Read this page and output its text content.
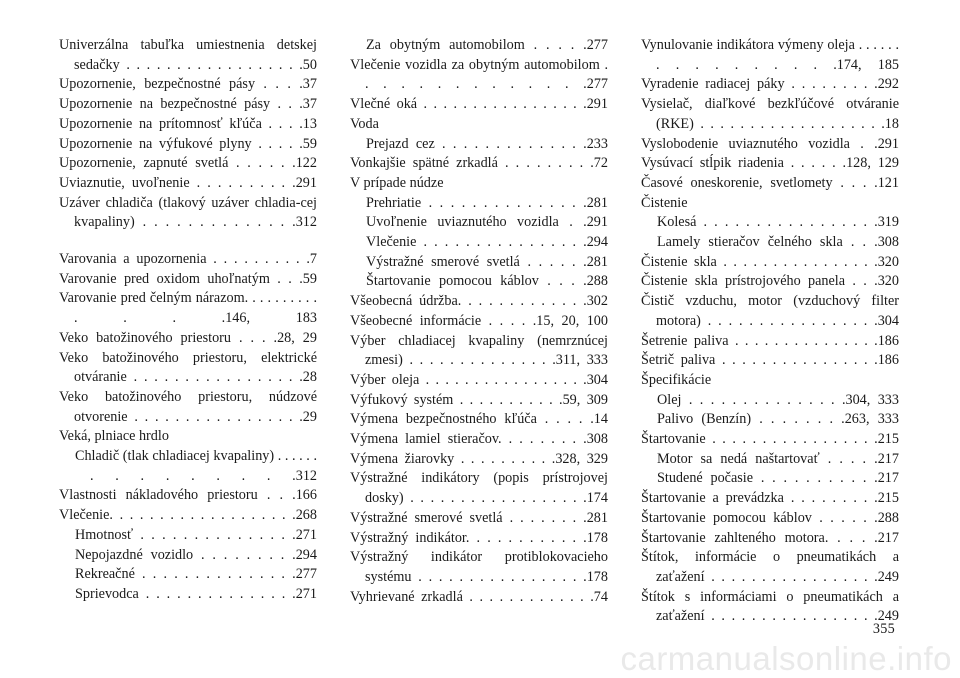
Univerzálna tabuľka umiestnenia detskej sedačky . . . . . . . . . . . . . . . . . .50
Upozornenie, bezpečnostné pásy . . . .37
Upozornenie na bezpečnostné pásy . . .37
Upozornenie na prítomnosť kľúča . . . .13
Upozornenie na výfukové plyny . . . . .59
Upozornenie, zapnuté svetlá . . . . . .122
Uviaznutie, uvoľnenie . . . . . . . . . .291
Uzáver chladiča (tlakový uzáver chladia-cej kvapaliny) . . . . . . . . . . . . . .312
Varovania a upozornenia . . . . . . . . . .7
Varovanie pred oxidom uhoľnatým . . .59
Varovanie pred čelným nárazom. . . . . . . . . . . . . .146, 183
Veko batožinového priestoru . . . .28, 29
Veko batožinového priestoru, elektrické otváranie . . . . . . . . . . . . . . . . .28
Veko batožinového priestoru, núdzové otvorenie . . . . . . . . . . . . . . . . .29
Veká, plniace hrdlo
Chladič (tlak chladiacej kvapaliny) . . . . . . . . . . . . . . .312
Vlastnosti nákladového priestoru . . .166
Vlečenie. . . . . . . . . . . . . . . . . . .268
Hmotnosť . . . . . . . . . . . . . . .271
Nepojazdné vozidlo . . . . . . . . .294
Rekreačné . . . . . . . . . . . . . . .277
Sprievodca . . . . . . . . . . . . . . .271
Za obytným automobilom . . . . .277
Vlečenie vozidla za obytným automobilom . . . . . . . . . . . . . .277
Vlečné oká . . . . . . . . . . . . . . . . .291
Voda
Prejazd cez . . . . . . . . . . . . . .233
Vonkajšie spätné zrkadlá . . . . . . . . .72
V prípade núdze
Prehriatie . . . . . . . . . . . . . . .281
Uvoľnenie uviaznutého vozidla . .291
Vlečenie . . . . . . . . . . . . . . . .294
Výstražné smerové svetlá . . . . . .281
Štartovanie pomocou káblov . . . .288
Všeobecná údržba. . . . . . . . . . . . .302
Všeobecné informácie . . . . .15, 20, 100
Výber chladiacej kvapaliny (nemrznúcej zmesi) . . . . . . . . . . . . . . .311, 333
Výber oleja . . . . . . . . . . . . . . . . .304
Výfukový systém . . . . . . . . . . .59, 309
Výmena bezpečnostného kľúča . . . . .14
Výmena lamiel stieračov. . . . . . . . .308
Výmena žiarovky . . . . . . . . . .328, 329
Výstražné indikátory (popis prístrojovej dosky) . . . . . . . . . . . . . . . . . .174
Výstražné smerové svetlá . . . . . . . .281
Výstražný indikátor. . . . . . . . . . . .178
Výstražný indikátor protiblokovacieho systému . . . . . . . . . . . . . . . . .178
Vyhrievané zrkadlá . . . . . . . . . . . . .74
Vynulovanie indikátora výmeny oleja . . . . . . . . . . . . . . . .174, 185
Vyradenie radiacej páky . . . . . . . . .292
Vysielač, diaľkové bezkľúčové otváranie (RKE) . . . . . . . . . . . . . . . . . . .18
Vyslobodenie uviaznutého vozidla . .291
Vysúvací stĺpik riadenia . . . . . .128, 129
Časové oneskorenie, svetlomety . . . .121
Čistenie
Kolesá . . . . . . . . . . . . . . . . .319
Lamely stieračov čelného skla . . .308
Čistenie skla . . . . . . . . . . . . . . . .320
Čistenie skla prístrojového panela . . .320
Čistič vzduchu, motor (vzduchový filter motora) . . . . . . . . . . . . . . . . .304
Šetrenie paliva . . . . . . . . . . . . . . .186
Šetrič paliva . . . . . . . . . . . . . . . .186
Špecifikácie
Olej . . . . . . . . . . . . . . .304, 333
Palivo (Benzín) . . . . . . . .263, 333
Štartovanie . . . . . . . . . . . . . . . . .215
Motor sa nedá naštartovať . . . . .217
Studené počasie . . . . . . . . . . .217
Štartovanie a prevádzka . . . . . . . . .215
Štartovanie pomocou káblov . . . . . .288
Štartovanie zahlteného motora. . . . .217
Štítok, informácie o pneumatikách a zaťažení . . . . . . . . . . . . . . . . .249
Štítok s informáciami o pneumatikách a zaťažení . . . . . . . . . . . . . . . . .249
355
carmanualsonline.info
